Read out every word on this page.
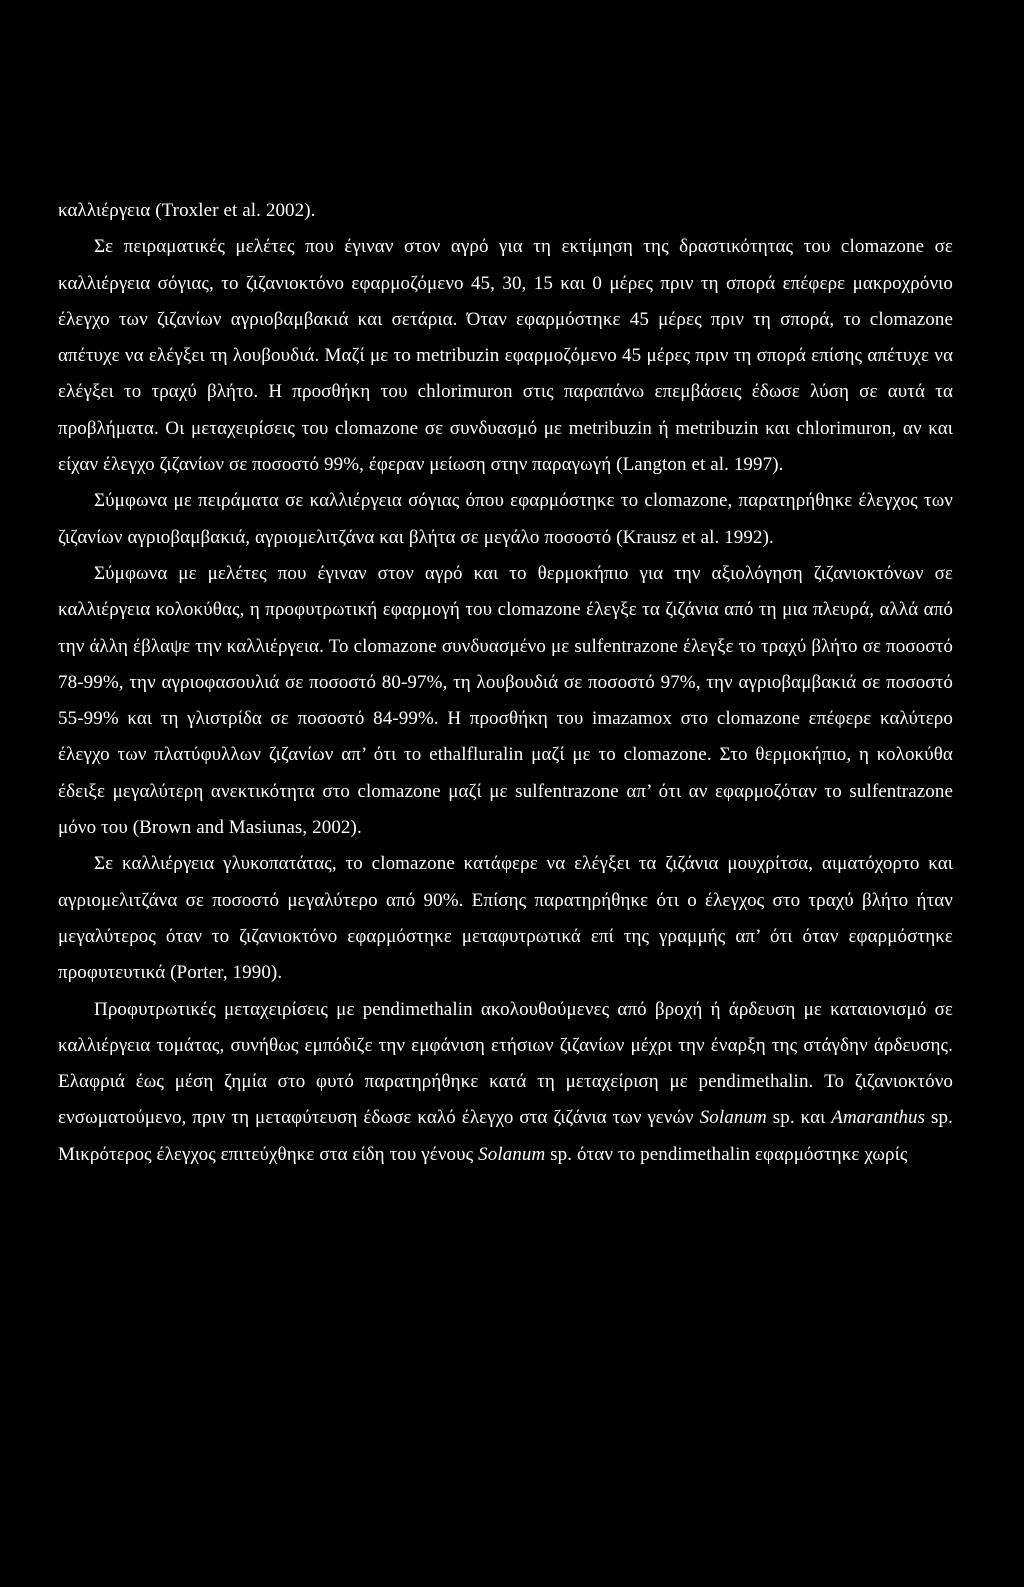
καλλιέργεια (Troxler et al. 2002).

Σε πειραματικές μελέτες που έγιναν στον αγρό για τη εκτίμηση της δραστικότητας του clomazone σε καλλιέργεια σόγιας, το ζιζανιοκτόνο εφαρμοζόμενο 45, 30, 15 και 0 μέρες πριν τη σπορά επέφερε μακροχρόνιο έλεγχο των ζιζανίων αγριοβαμβακιά και σετάρια. Όταν εφαρμόστηκε 45 μέρες πριν τη σπορά, το clomazone απέτυχε να ελέγξει τη λουβουδιά. Μαζί με το metribuzin εφαρμοζόμενο 45 μέρες πριν τη σπορά επίσης απέτυχε να ελέγξει το τραχύ βλήτο. Η προσθήκη του chlorimuron στις παραπάνω επεμβάσεις έδωσε λύση σε αυτά τα προβλήματα. Οι μεταχειρίσεις του clomazone σε συνδυασμό με metribuzin ή metribuzin και chlorimuron, αν και είχαν έλεγχο ζιζανίων σε ποσοστό 99%, έφεραν μείωση στην παραγωγή (Langton et al. 1997).

Σύμφωνα με πειράματα σε καλλιέργεια σόγιας όπου εφαρμόστηκε το clomazone, παρατηρήθηκε έλεγχος των ζιζανίων αγριοβαμβακιά, αγριομελιτζάνα και βλήτα σε μεγάλο ποσοστό (Krausz et al. 1992).

Σύμφωνα με μελέτες που έγιναν στον αγρό και το θερμοκήπιο για την αξιολόγηση ζιζανιοκτόνων σε καλλιέργεια κολοκύθας, η προφυτρωτική εφαρμογή του clomazone έλεγξε τα ζιζάνια από τη μια πλευρά, αλλά από την άλλη έβλαψε την καλλιέργεια. Το clomazone συνδυασμένο με sulfentrazone έλεγξε το τραχύ βλήτο σε ποσοστό 78-99%, την αγριοφασουλιά σε ποσοστό 80-97%, τη λουβουδιά σε ποσοστό 97%, την αγριοβαμβακιά σε ποσοστό 55-99% και τη γλιστρίδα σε ποσοστό 84-99%. Η προσθήκη του imazamox στο clomazone επέφερε καλύτερο έλεγχο των πλατύφυλλων ζιζανίων απ’ ότι το ethalfluralin μαζί με το clomazone. Στο θερμοκήπιο, η κολοκύθα έδειξε μεγαλύτερη ανεκτικότητα στο clomazone μαζί με sulfentrazone απ’ ότι αν εφαρμοζόταν το sulfentrazone μόνο του (Brown and Masiunas, 2002).

Σε καλλιέργεια γλυκοπατάτας, το clomazone κατάφερε να ελέγξει τα ζιζάνια μουχρίτσα, αιματόχορτο και αγριομελιτζάνα σε ποσοστό μεγαλύτερο από 90%. Επίσης παρατηρήθηκε ότι ο έλεγχος στο τραχύ βλήτο ήταν μεγαλύτερος όταν το ζιζανιοκτόνο εφαρμόστηκε μεταφυτρωτικά επί της γραμμής απ’ ότι όταν εφαρμόστηκε προφυτευτικά (Porter, 1990).

Προφυτρωτικές μεταχειρίσεις με pendimethalin ακολουθούμενες από βροχή ή άρδευση με καταιονισμό σε καλλιέργεια τομάτας, συνήθως εμπόδιζε την εμφάνιση ετήσιων ζιζανίων μέχρι την έναρξη της στάγδην άρδευσης. Ελαφριά έως μέση ζημία στο φυτό παρατηρήθηκε κατά τη μεταχείριση με pendimethalin. Το ζιζανιοκτόνο ενσωματούμενο, πριν τη μεταφύτευση έδωσε καλό έλεγχο στα ζιζάνια των γενών Solanum sp. και Amaranthus sp. Μικρότερος έλεγχος επιτεύχθηκε στα είδη του γένους Solanum sp. όταν το pendimethalin εφαρμόστηκε χωρίς
